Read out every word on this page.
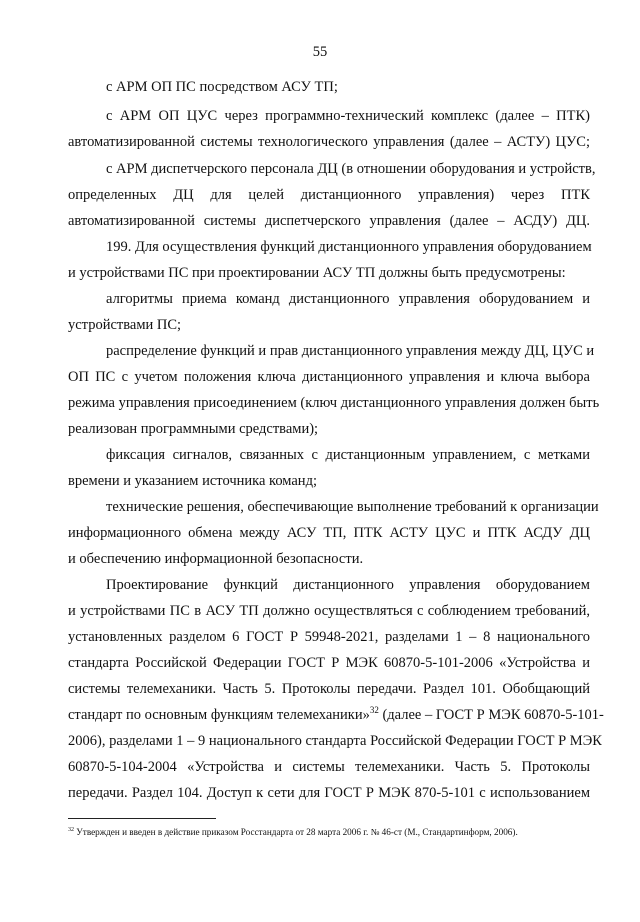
55
с АРМ ОП ПС посредством АСУ ТП;
с АРМ ОП ЦУС через программно-технический комплекс (далее – ПТК)
автоматизированной системы технологического управления (далее – АСТУ) ЦУС;
с АРМ диспетчерского персонала ДЦ (в отношении оборудования и устройств,
определенных ДЦ для целей дистанционного управления) через ПТК
автоматизированной системы диспетчерского управления (далее – АСДУ) ДЦ.
199. Для осуществления функций дистанционного управления оборудованием
и устройствами ПС при проектировании АСУ ТП должны быть предусмотрены:
алгоритмы приема команд дистанционного управления оборудованием и
устройствами ПС;
распределение функций и прав дистанционного управления между ДЦ, ЦУС и
ОП ПС с учетом положения ключа дистанционного управления и ключа выбора
режима управления присоединением (ключ дистанционного управления должен быть
реализован программными средствами);
фиксация сигналов, связанных с дистанционным управлением, с метками
времени и указанием источника команд;
технические решения, обеспечивающие выполнение требований к организации
информационного обмена между АСУ ТП, ПТК АСТУ ЦУС и ПТК АСДУ ДЦ
и обеспечению информационной безопасности.
Проектирование функций дистанционного управления оборудованием
и устройствами ПС в АСУ ТП должно осуществляться с соблюдением требований,
установленных разделом 6 ГОСТ Р 59948-2021, разделами 1 – 8 национального
стандарта Российской Федерации ГОСТ Р МЭК 60870-5-101-2006 «Устройства и
системы телемеханики. Часть 5. Протоколы передачи. Раздел 101. Обобщающий
стандарт по основным функциям телемеханики»$^{32}$ (далее – ГОСТ Р МЭК 60870-5-101-
2006), разделами 1 – 9 национального стандарта Российской Федерации ГОСТ Р МЭК
60870-5-104-2004 «Устройства и системы телемеханики. Часть 5. Протоколы
передачи. Раздел 104. Доступ к сети для ГОСТ Р МЭК 870-5-101 с использованием
$^{32}$ Утвержден и введен в действие приказом Росстандарта от 28 марта 2006 г. № 46-ст (М., Стандартинформ, 2006).
